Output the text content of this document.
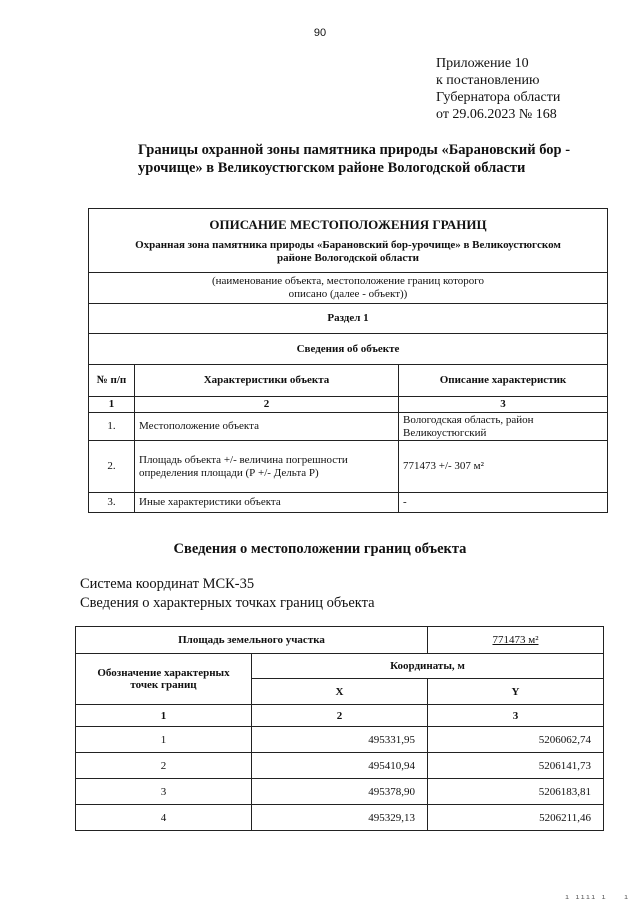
90
Приложение 10
к постановлению
Губернатора области
от 29.06.2023 № 168
Границы охранной зоны памятника природы «Барановский бор - урочище» в Великоустюгском районе Вологодской области
ОПИСАНИЕ МЕСТОПОЛОЖЕНИЯ ГРАНИЦ
Охранная зона памятника природы «Барановский бор-урочище» в Великоустюгском районе Вологодской области		

(наименование объекта, местоположение границ которого описано (далее - объект))		
Раздел 1		
Сведения об объекте		
№ п/п	Характеристики объекта	Описание характеристик
1	2	3
1.	Местоположение объекта	Вологодская область, район Великоустюгский
2.	Площадь объекта +/- величина погрешности определения площади (Р +/- Дельта Р)	771473 +/- 307 м²
3.	Иные характеристики объекта	-
Сведения о местоположении границ объекта
Система координат МСК-35
Сведения о характерных точках границ объекта
Площадь земельного участка		771473 м²
Обозначение характерных точек границ	Координаты, м	
	X	Y
1	2	3
1	495331,95	5206062,74
2	495410,94	5206141,73
3	495378,90	5206183,81
4	495329,13	5206211,46
ı ıııı ı ı
